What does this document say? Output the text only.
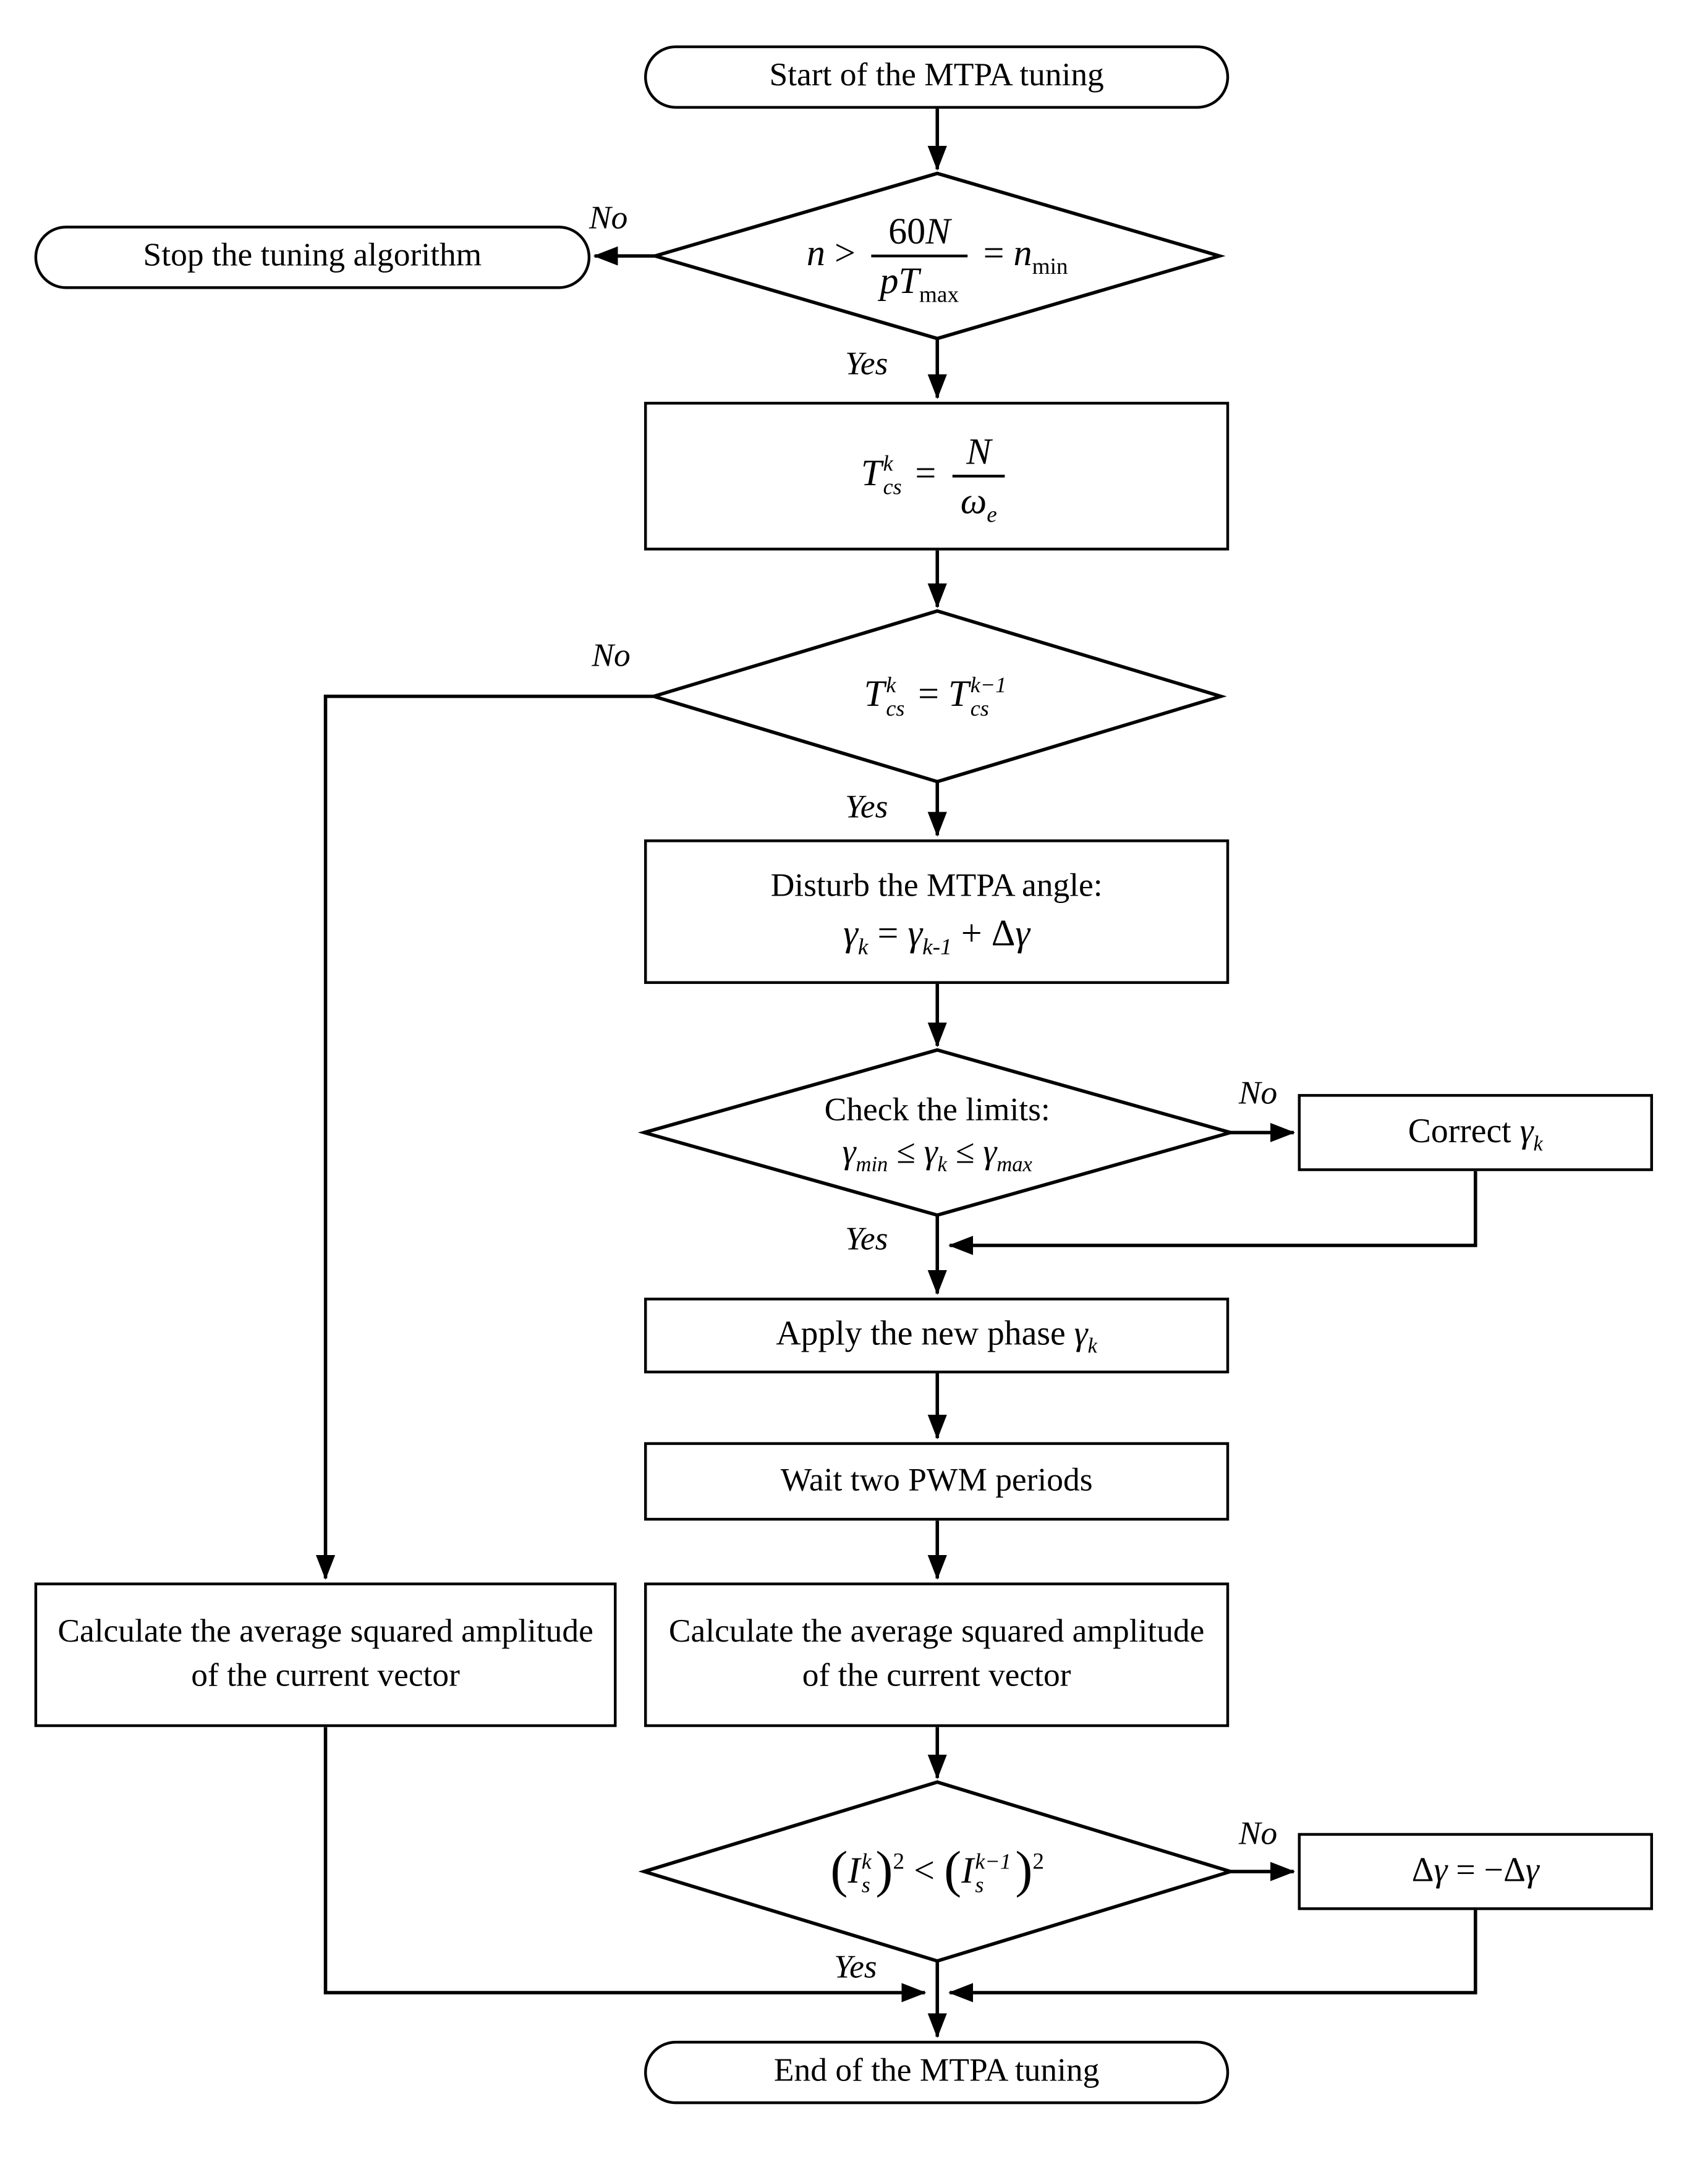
Start of the MTPA tuning
Stop the tuning algorithm
T k
cs = $\frac{N}{\omega_e}$
Disturb the MTPA angle:
$\gamma_k = \gamma_{k-1} + \Delta\gamma$
Correct $\gamma_k$
Apply the new phase $\gamma_k$
Wait two PWM periods
Calculate the average squared amplitude of the current vector
Calculate the average squared amplitude of the current vector
Δγ = −Δγ
End of the MTPA tuning
$n > \frac{60N}{pT_{max}} = n_{min}$
T k
cs = T k−1
cs
Check the limits:
$\gamma_{min} \le \gamma_k \le \gamma_{max}$
(I k
s )$^2$ < (I k−1
s )$^2$
No
Yes
No
Yes
No
Yes
No
Yes
